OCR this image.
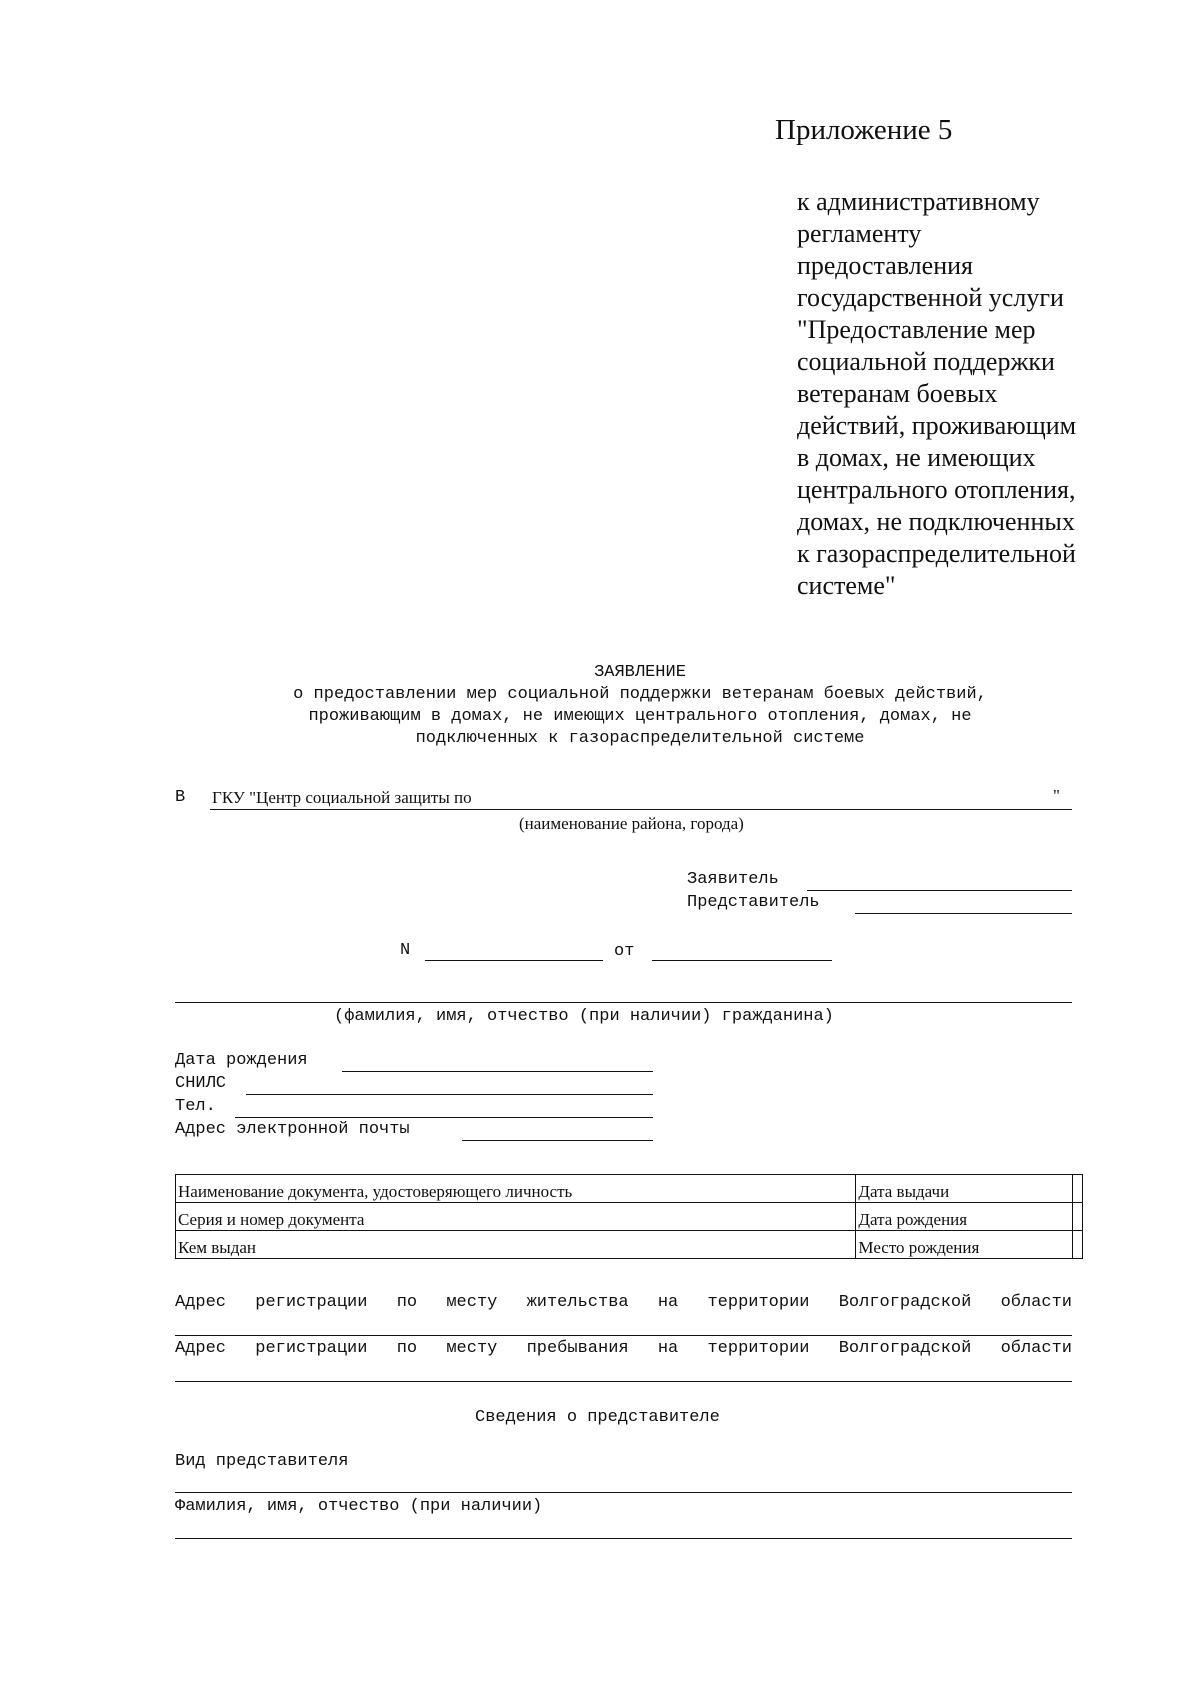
Приложение 5
к административному
регламенту
предоставления
государственной услуги
"Предоставление мер
социальной поддержки
ветеранам боевых
действий, проживающим
в домах, не имеющих
центрального отопления,
домах, не подключенных
к газораспределительной
системе"
ЗАЯВЛЕНИЕ
о предоставлении мер социальной поддержки ветеранам боевых действий,
проживающим в домах, не имеющих центрального отопления, домах, не
подключенных к газораспределительной системе
В ГКУ "Центр социальной защиты по	"
(наименование района, города)
Заявитель
Представитель
N	от
(фамилия, имя, отчество (при наличии) гражданина)
Дата рождения
СНИЛС
Тел.
Адрес электронной почты
Наименование документа, удостоверяющего личность	Дата выдачи	
Серия и номер документа	Дата рождения	
Кем выдан	Место рождения	
Адрес регистрации по месту жительства на территории Волгоградской области
Адрес регистрации по месту пребывания на территории Волгоградской области
Сведения о представителе
Вид представителя
Фамилия, имя, отчество (при наличии)
